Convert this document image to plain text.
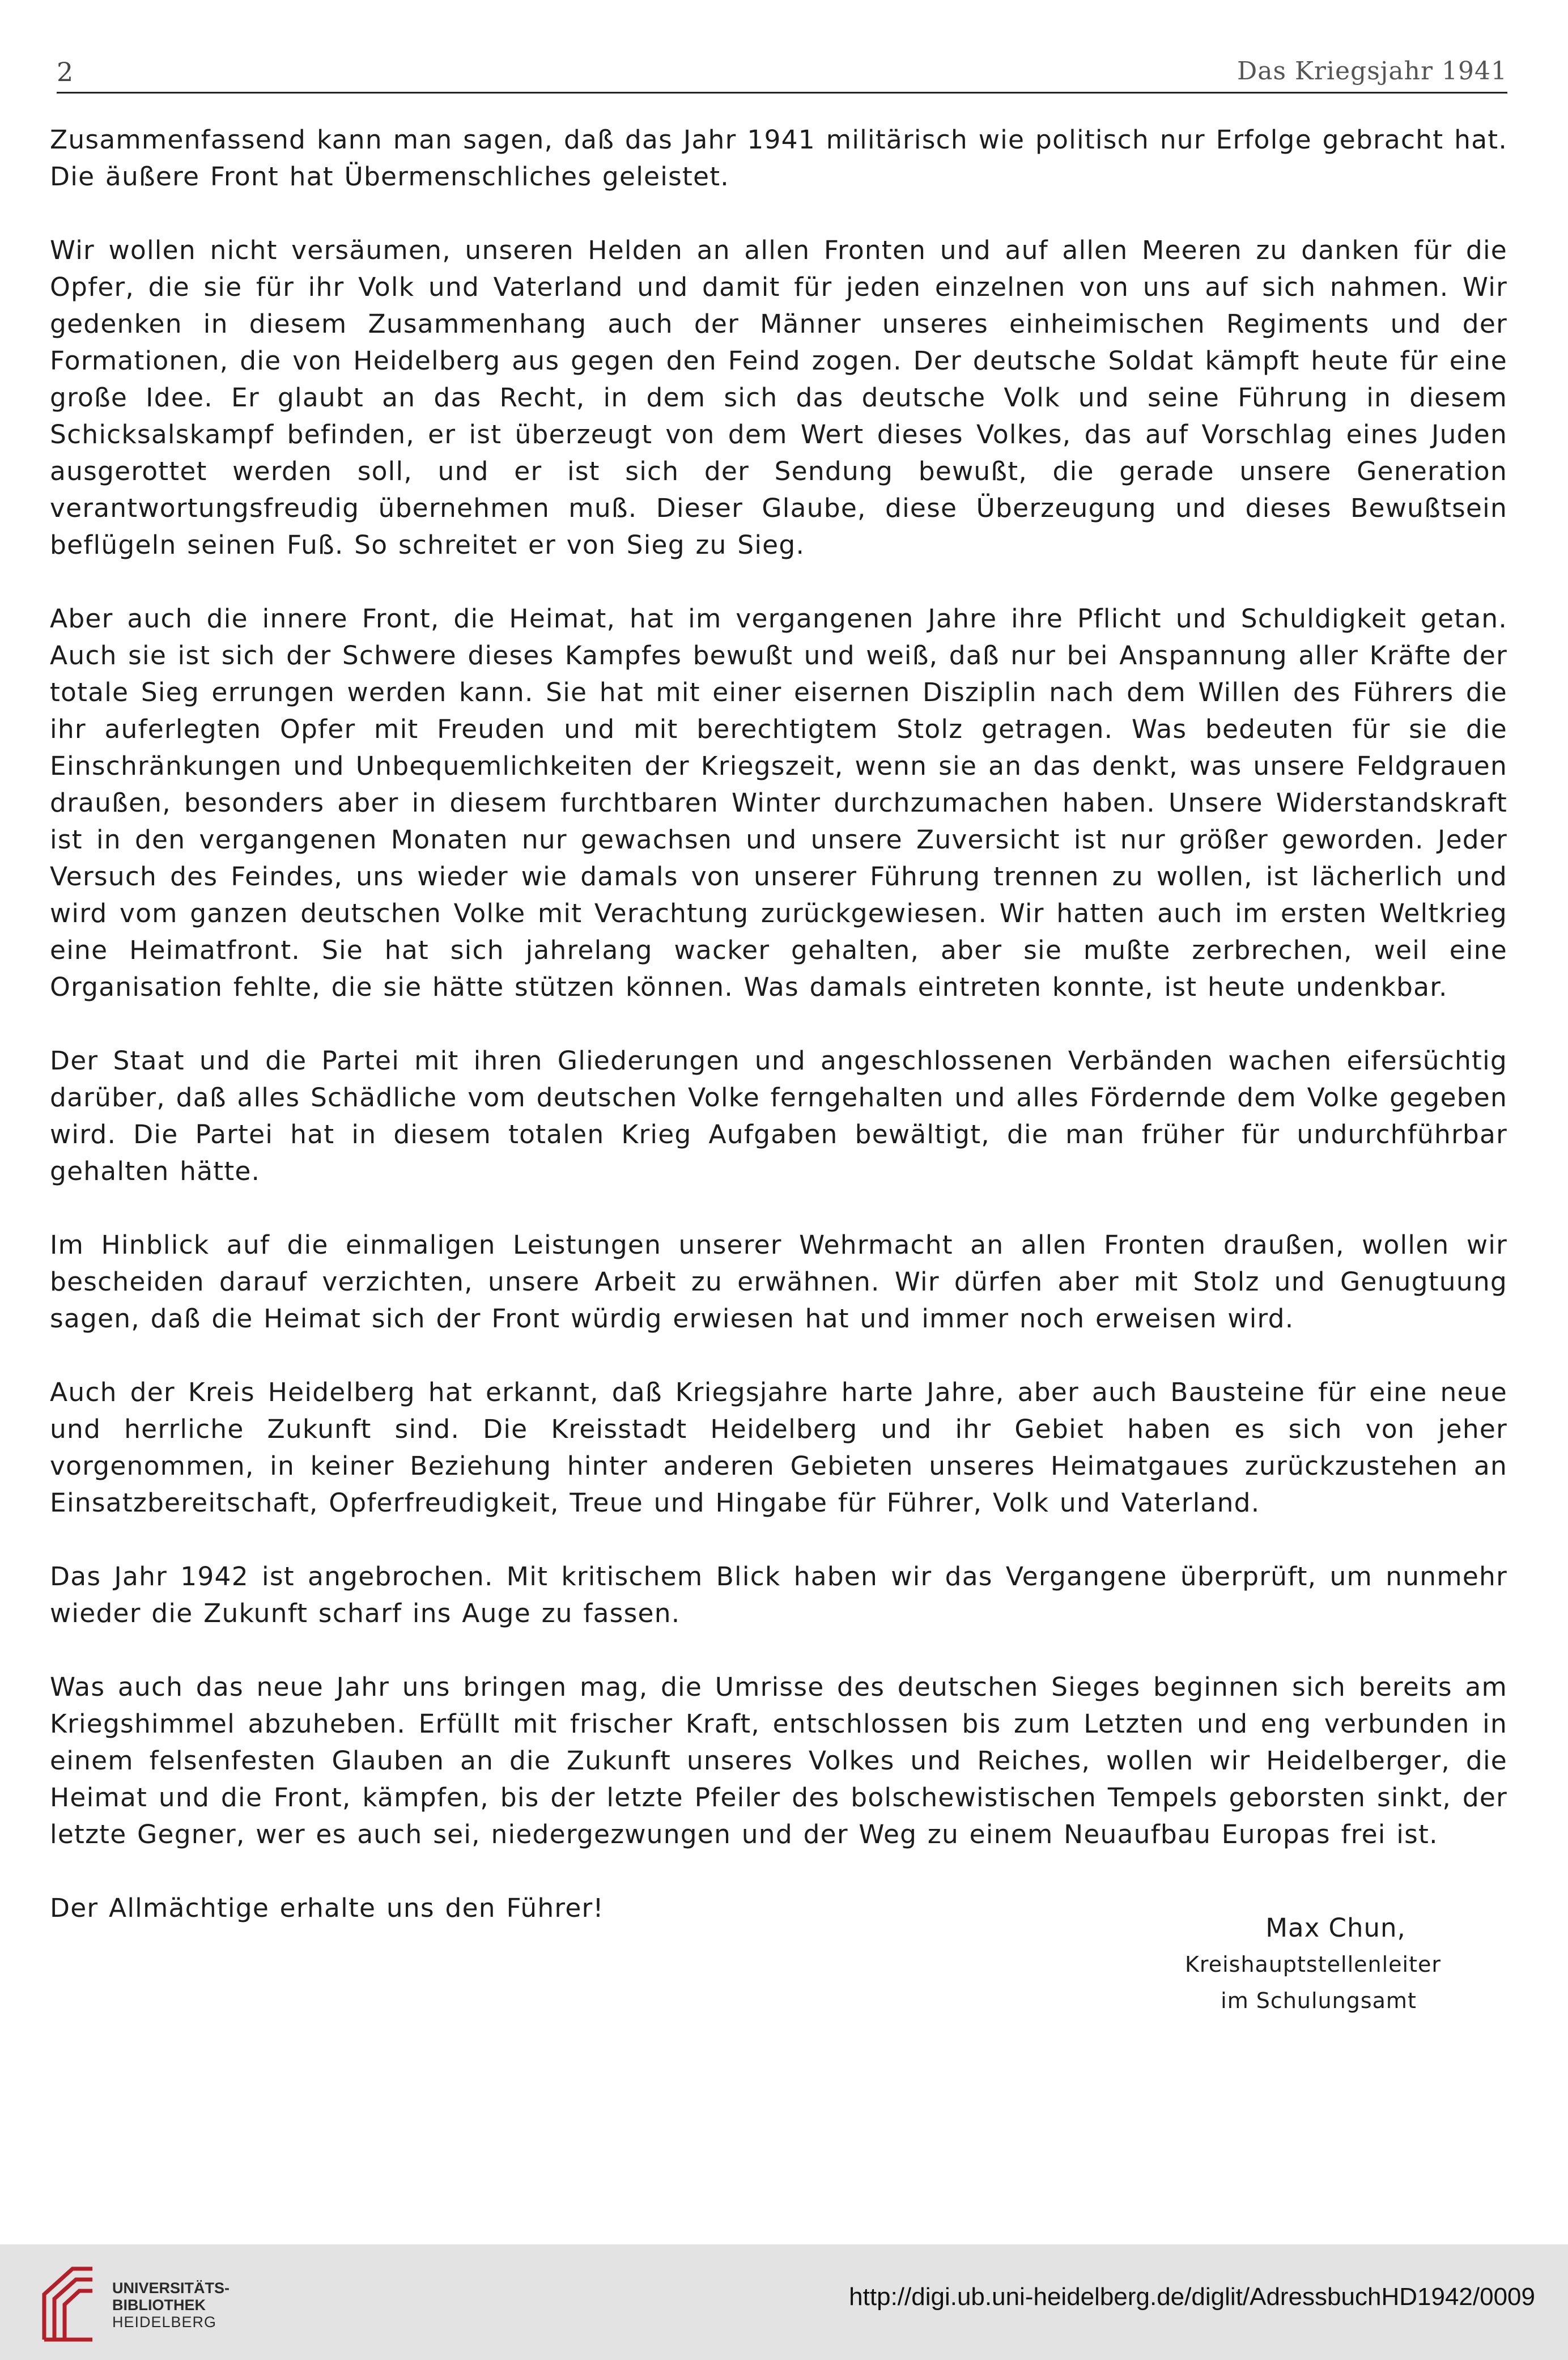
2	Das Kriegsjahr 1941

Zusammenfassend kann man sagen, daß das Jahr 1941 militärisch wie politisch nur Erfolge gebracht hat. Die äußere Front hat Übermenschliches geleistet.

Wir wollen nicht versäumen, unseren Helden an allen Fronten und auf allen Meeren zu danken für die Opfer, die sie für ihr Volk und Vaterland und damit für jeden einzelnen von uns auf sich nahmen. Wir gedenken in diesem Zusammenhang auch der Männer unseres einheimischen Regiments und der Formationen, die von Heidelberg aus gegen den Feind zogen. Der deutsche Soldat kämpft heute für eine große Idee. Er glaubt an das Recht, in dem sich das deutsche Volk und seine Führung in diesem Schicksalskampf befinden, er ist überzeugt von dem Wert dieses Volkes, das auf Vorschlag eines Juden ausgerottet werden soll, und er ist sich der Sendung bewußt, die gerade unsere Generation verantwortungsfreudig übernehmen muß. Dieser Glaube, diese Überzeugung und dieses Bewußtsein beflügeln seinen Fuß. So schreitet er von Sieg zu Sieg.

Aber auch die innere Front, die Heimat, hat im vergangenen Jahre ihre Pflicht und Schuldigkeit getan. Auch sie ist sich der Schwere dieses Kampfes bewußt und weiß, daß nur bei Anspannung aller Kräfte der totale Sieg errungen werden kann. Sie hat mit einer eisernen Disziplin nach dem Willen des Führers die ihr auferlegten Opfer mit Freuden und mit berechtigtem Stolz getragen. Was bedeuten für sie die Einschränkungen und Unbequemlichkeiten der Kriegszeit, wenn sie an das denkt, was unsere Feldgrauen draußen, besonders aber in diesem furchtbaren Winter durchzumachen haben. Unsere Widerstandskraft ist in den vergangenen Monaten nur gewachsen und unsere Zuversicht ist nur größer geworden. Jeder Versuch des Feindes, uns wieder wie damals von unserer Führung trennen zu wollen, ist lächerlich und wird vom ganzen deutschen Volke mit Verachtung zurückgewiesen. Wir hatten auch im ersten Weltkrieg eine Heimatfront. Sie hat sich jahrelang wacker gehalten, aber sie mußte zerbrechen, weil eine Organisation fehlte, die sie hätte stützen können. Was damals eintreten konnte, ist heute undenkbar.

Der Staat und die Partei mit ihren Gliederungen und angeschlossenen Verbänden wachen eifersüchtig darüber, daß alles Schädliche vom deutschen Volke ferngehalten und alles Fördernde dem Volke gegeben wird. Die Partei hat in diesem totalen Krieg Aufgaben bewältigt, die man früher für undurchführbar gehalten hätte.

Im Hinblick auf die einmaligen Leistungen unserer Wehrmacht an allen Fronten draußen, wollen wir bescheiden darauf verzichten, unsere Arbeit zu erwähnen. Wir dürfen aber mit Stolz und Genugtuung sagen, daß die Heimat sich der Front würdig erwiesen hat und immer noch erweisen wird.

Auch der Kreis Heidelberg hat erkannt, daß Kriegsjahre harte Jahre, aber auch Bausteine für eine neue und herrliche Zukunft sind. Die Kreisstadt Heidelberg und ihr Gebiet haben es sich von jeher vorgenommen, in keiner Beziehung hinter anderen Gebieten unseres Heimatgaues zurückzustehen an Einsatzbereitschaft, Opferfreudigkeit, Treue und Hingabe für Führer, Volk und Vaterland.

Das Jahr 1942 ist angebrochen. Mit kritischem Blick haben wir das Vergangene überprüft, um nunmehr wieder die Zukunft scharf ins Auge zu fassen.

Was auch das neue Jahr uns bringen mag, die Umrisse des deutschen Sieges beginnen sich bereits am Kriegshimmel abzuheben. Erfüllt mit frischer Kraft, entschlossen bis zum Letzten und eng verbunden in einem felsenfesten Glauben an die Zukunft unseres Volkes und Reiches, wollen wir Heidelberger, die Heimat und die Front, kämpfen, bis der letzte Pfeiler des bolschewistischen Tempels geborsten sinkt, der letzte Gegner, wer es auch sei, niedergezwungen und der Weg zu einem Neuaufbau Europas frei ist.

Der Allmächtige erhalte uns den Führer!

Max Chun,
Kreishauptstellenleiter
im Schulungsamt
UNIVERSITÄTS-
BIBLIOTHEK
HEIDELBERG
http://digi.ub.uni-heidelberg.de/diglit/AdressbuchHD1942/0009
